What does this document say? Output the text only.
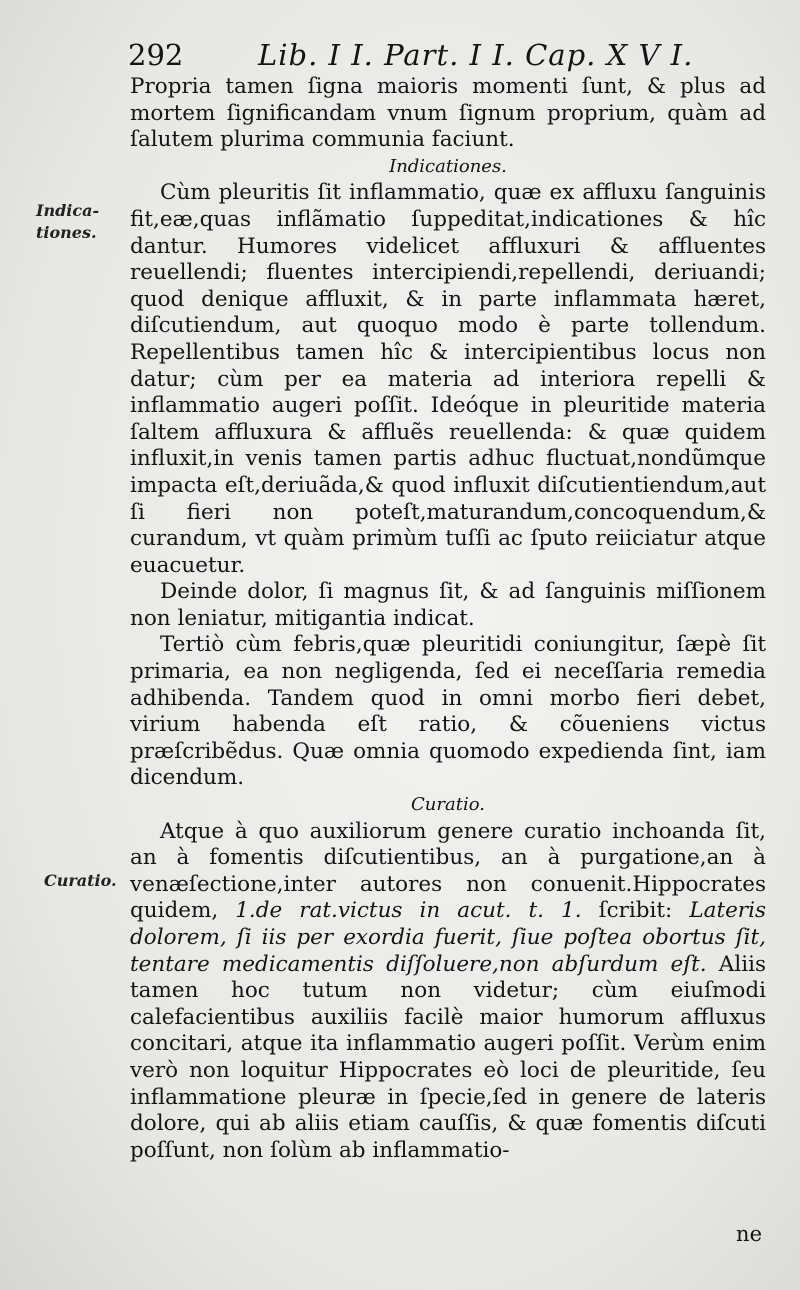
292	Lib. I I. Part. I I. Cap. X V I.
Indica-
tiones.
Curatio.

Propria tamen ſigna maioris momenti ſunt, & plus ad mortem ſignificandam vnum ſignum proprium, quàm ad ſalutem plurima communia faciunt.

Indicationes.

Cùm pleuritis ſit inflammatio, quæ ex affluxu ſanguinis fit,eæ,quas inflãmatio ſuppeditat,indicationes & hîc dantur. Humores videlicet affluxuri & affluentes reuellendi; fluentes intercipiendi,repellendi, deriuandi; quod denique affluxit, & in parte inflammata hæret, diſcutiendum, aut quoquo modo è parte tollendum. Repellentibus tamen hîc & intercipientibus locus non datur; cùm per ea materia ad interiora repelli & inflammatio augeri poſſit. Ideóque in pleuritide materia ſaltem affluxura & affluẽs reuellenda: & quæ quidem influxit,in venis tamen partis adhuc fluctuat,nondũmque impacta eſt,deriuãda,& quod influxit diſcutientiendum,aut ſi fieri non poteſt,maturandum,concoquendum,& curandum, vt quàm primùm tuſſi ac ſputo reiiciatur atque euacuetur.

Deinde dolor, ſi magnus ſit, & ad ſanguinis miſſionem non leniatur, mitigantia indicat.

Tertiò cùm febris,quæ pleuritidi coniungitur, ſæpè ſit primaria, ea non negligenda, ſed ei neceſſaria remedia adhibenda. Tandem quod in omni morbo fieri debet, virium habenda eſt ratio, & cõueniens victus præſcribẽdus. Quæ omnia quomodo expedienda ſint, iam dicendum.

Curatio.

Atque à quo auxiliorum genere curatio inchoanda ſit, an à fomentis diſcutientibus, an à purgatione,an à venæſectione,inter autores non conuenit.Hippocrates quidem, 1.de rat.victus in acut. t. 1. ſcribit: Lateris dolorem, ſi iis per exordia fuerit, ſiue poſtea obortus ſit, tentare medicamentis diſſoluere,non abſurdum eſt. Aliis tamen hoc tutum non videtur; cùm eiuſmodi calefacientibus auxiliis facilè maior humorum affluxus concitari, atque ita inflammatio augeri poſſit. Verùm enim verò non loquitur Hippocrates eò loci de pleuritide, ſeu inflammatione pleuræ in ſpecie,ſed in genere de lateris dolore, qui ab aliis etiam cauſſis, & quæ fomentis diſcuti poſſunt, non ſolùm ab inflammatio-

ne
